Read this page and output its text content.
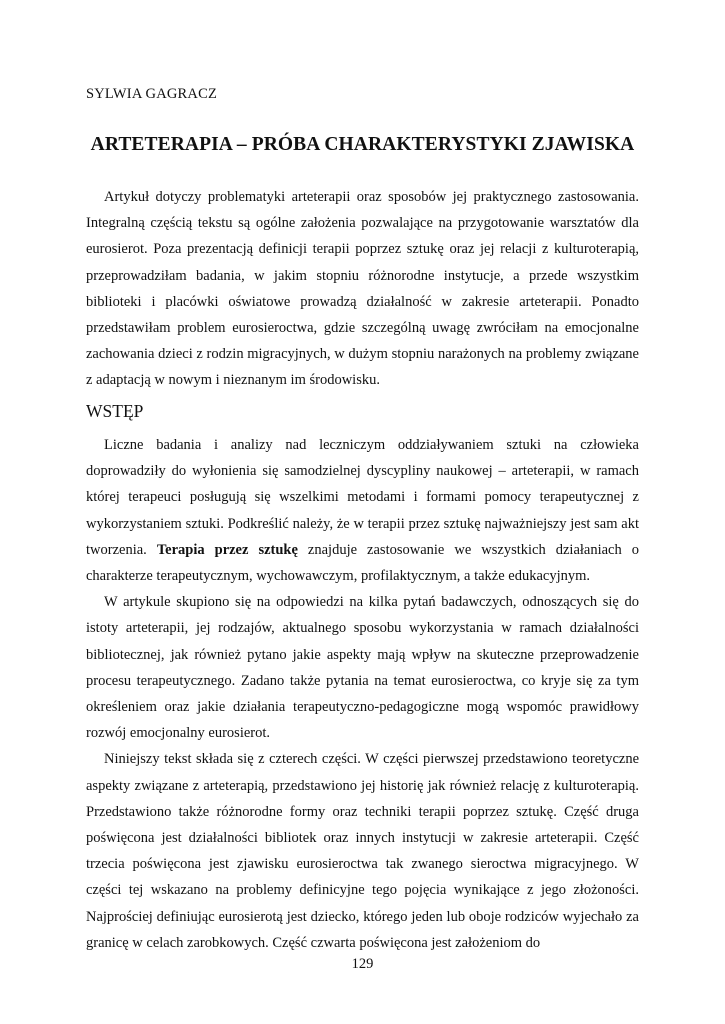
SYLWIA GAGRACZ
ARTETERAPIA – PRÓBA CHARAKTERYSTYKI ZJAWISKA

Artykuł dotyczy problematyki arteterapii oraz sposobów jej praktycznego zastosowania. Integralną częścią tekstu są ogólne założenia pozwalające na przygotowanie warsztatów dla eurosierot. Poza prezentacją definicji terapii poprzez sztukę oraz jej relacji z kulturoterapią, przeprowadziłam badania, w jakim stopniu różnorodne instytucje, a przede wszystkim biblioteki i placówki oświatowe prowadzą działalność w zakresie arteterapii. Ponadto przedstawiłam problem eurosieroctwa, gdzie szczególną uwagę zwróciłam na emocjonalne zachowania dzieci z rodzin migracyjnych, w dużym stopniu narażonych na problemy związane z adaptacją w nowym i nieznanym im środowisku.

WSTĘP

Liczne badania i analizy nad leczniczym oddziaływaniem sztuki na człowieka doprowadziły do wyłonienia się samodzielnej dyscypliny naukowej – arteterapii, w ramach której terapeuci posługują się wszelkimi metodami i formami pomocy terapeutycznej z wykorzystaniem sztuki. Podkreślić należy, że w terapii przez sztukę najważniejszy jest sam akt tworzenia. Terapia przez sztukę znajduje zastosowanie we wszystkich działaniach o charakterze terapeutycznym, wychowawczym, profilaktycznym, a także edukacyjnym.

W artykule skupiono się na odpowiedzi na kilka pytań badawczych, odnoszących się do istoty arteterapii, jej rodzajów, aktualnego sposobu wykorzystania w ramach działalności bibliotecznej, jak również pytano jakie aspekty mają wpływ na skuteczne przeprowadzenie procesu terapeutycznego. Zadano także pytania na temat eurosieroctwa, co kryje się za tym określeniem oraz jakie działania terapeutyczno-pedagogiczne mogą wspomóc prawidłowy rozwój emocjonalny eurosierot.

Niniejszy tekst składa się z czterech części. W części pierwszej przedstawiono teoretyczne aspekty związane z arteterapią, przedstawiono jej historię jak również relację z kulturoterapią. Przedstawiono także różnorodne formy oraz techniki terapii poprzez sztukę. Część druga poświęcona jest działalności bibliotek oraz innych instytucji w zakresie arteterapii. Część trzecia poświęcona jest zjawisku eurosieroctwa tak zwanego sieroctwa migracyjnego. W części tej wskazano na problemy definicyjne tego pojęcia wynikające z jego złożoności. Najprościej definiując eurosierotą jest dziecko, którego jeden lub oboje rodziców wyjechało za granicę w celach zarobkowych. Część czwarta poświęcona jest założeniom do

129
